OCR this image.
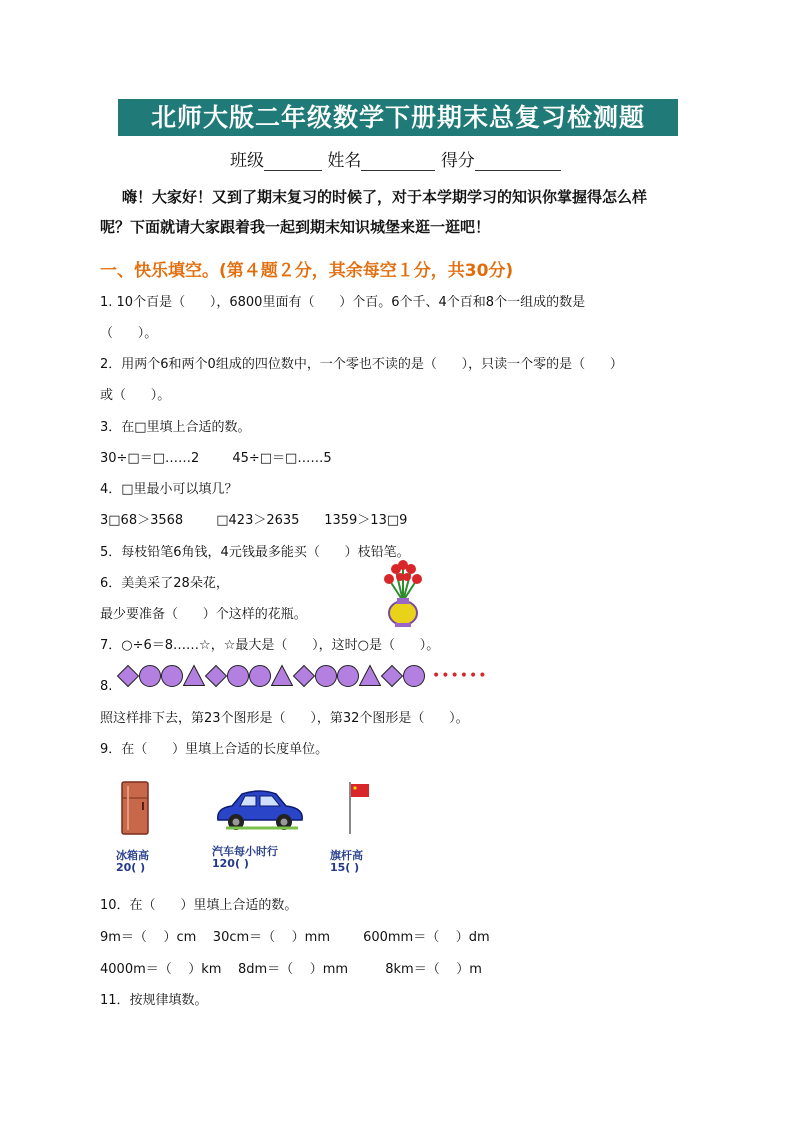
北师大版二年级数学下册期末总复习检测题
班级	姓名	得分
嗨！大家好！又到了期末复习的时候了，对于本学期学习的知识你掌握得怎么样
呢？下面就请大家跟着我一起到期末知识城堡来逛一逛吧！
一、快乐填空。(第４题２分，其余每空１分，共30分)
1. 10个百是（      ），6800里面有（      ）个百。6个千、4个百和8个一组成的数是
（      ）。
2．用两个6和两个0组成的四位数中，一个零也不读的是（      ），只读一个零的是（      ）
或（      ）。
3．在□里填上合适的数。
30÷□＝□……2        45÷□＝□……5
4．□里最小可以填几？
3□68＞3568        □423＞2635      1359＞13□9
5．每枝铅笔6角钱，4元钱最多能买（      ）枝铅笔。
6．美美采了28朵花，
最少要准备（      ）个这样的花瓶。
7．○÷6＝8……☆，☆最大是（      ），这时○是（      ）。
8.
••••••
照这样排下去，第23个图形是（      ），第32个图形是（      ）。
9．在（      ）里填上合适的长度单位。
冰箱高
20( )
汽车每小时行
120( )
旗杆高
15( )
10．在（      ）里填上合适的数。
9m＝（    ）cm    30cm＝（    ）mm        600mm＝（    ）dm
4000m＝（    ）km    8dm＝（    ）mm         8km＝（    ）m
11．按规律填数。
